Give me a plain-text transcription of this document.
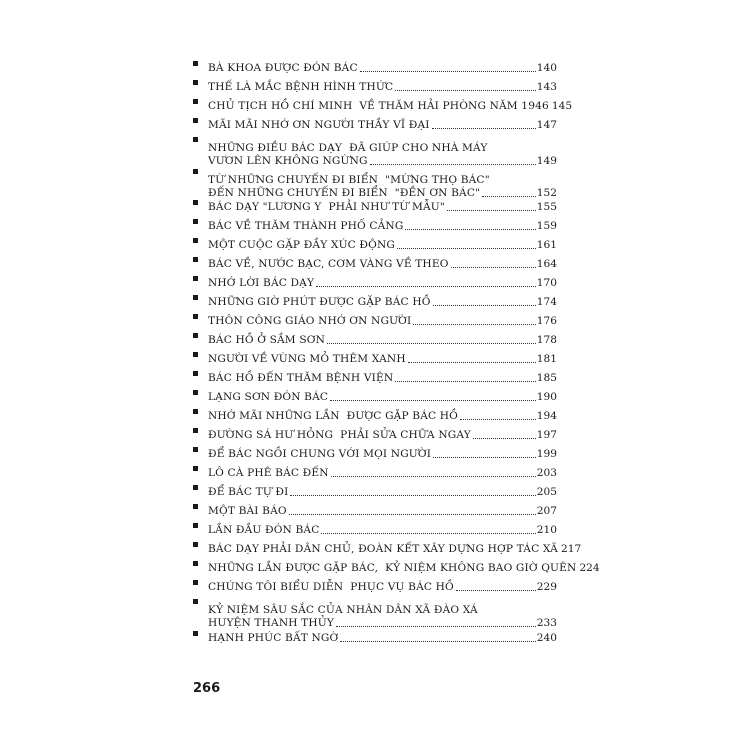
BÀ KHOA ĐƯỢC ĐÓN BÁC	140
THẾ LÀ MẮC BỆNH HÌNH THỨC	143
CHỦ TỊCH HỒ CHÍ MINH  VỀ THĂM HẢI PHÒNG NĂM 1946 145
MÃI MÃI NHỚ ƠN NGƯỜI THẦY VĨ ĐẠI	147
NHỮNG ĐIỀU BÁC DẠY  ĐÃ GIÚP CHO NHÀ MÁY
VƯƠN LÊN KHÔNG NGỪNG	149
TỪ NHỮNG CHUYẾN ĐI BIỂN  "MỪNG THỌ BÁC"
ĐẾN NHỮNG CHUYẾN ĐI BIỂN  "ĐỀN ƠN BÁC"	152
BÁC DẠY "LƯƠNG Y  PHẢI NHƯ TỪ MẪU"	155
BÁC VỀ THĂM THÀNH PHỐ CẢNG	159
MỘT CUỘC GẶP ĐẦY XÚC ĐỘNG	161
BÁC VỀ, NƯỚC BẠC, CƠM VÀNG VỀ THEO	164
NHỚ LỜI BÁC DẠY	170
NHỮNG GIỜ PHÚT ĐƯỢC GẶP BÁC HỒ	174
THÔN CÔNG GIÁO NHỚ ƠN NGƯỜI	176
BÁC HỒ Ở SẦM SƠN	178
NGƯỜI VỀ VÙNG MỎ THÊM XANH	181
BÁC HỒ ĐẾN THĂM BỆNH VIỆN	185
LẠNG SƠN ĐÓN BÁC	190
NHỚ MÃI NHỮNG LẦN  ĐƯỢC GẶP BÁC HỒ	194
ĐƯỜNG SÁ HƯ HỎNG  PHẢI SỬA CHỮA NGAY	197
ĐỂ BÁC NGỒI CHUNG VỚI MỌI NGƯỜI	199
LÔ CÀ PHÊ BÁC ĐẾN	203
ĐỂ BÁC TỰ ĐI	205
MỘT BÀI BÁO	207
LẦN ĐẦU ĐÓN BÁC	210
BÁC DẠY PHẢI DÂN CHỦ, ĐOÀN KẾT XÂY DỰNG HỢP TÁC XÃ 217
NHỮNG LẦN ĐƯỢC GẶP BÁC,  KỶ NIỆM KHÔNG BAO GIỜ QUÊN 224
CHÚNG TÔI BIỂU DIỄN  PHỤC VỤ BÁC HỒ	229
KỶ NIỆM SÂU SẮC CỦA NHÂN DÂN XÃ ĐÀO XÁ
HUYỆN THANH THỦY	233
HẠNH PHÚC BẤT NGỜ	240
266
